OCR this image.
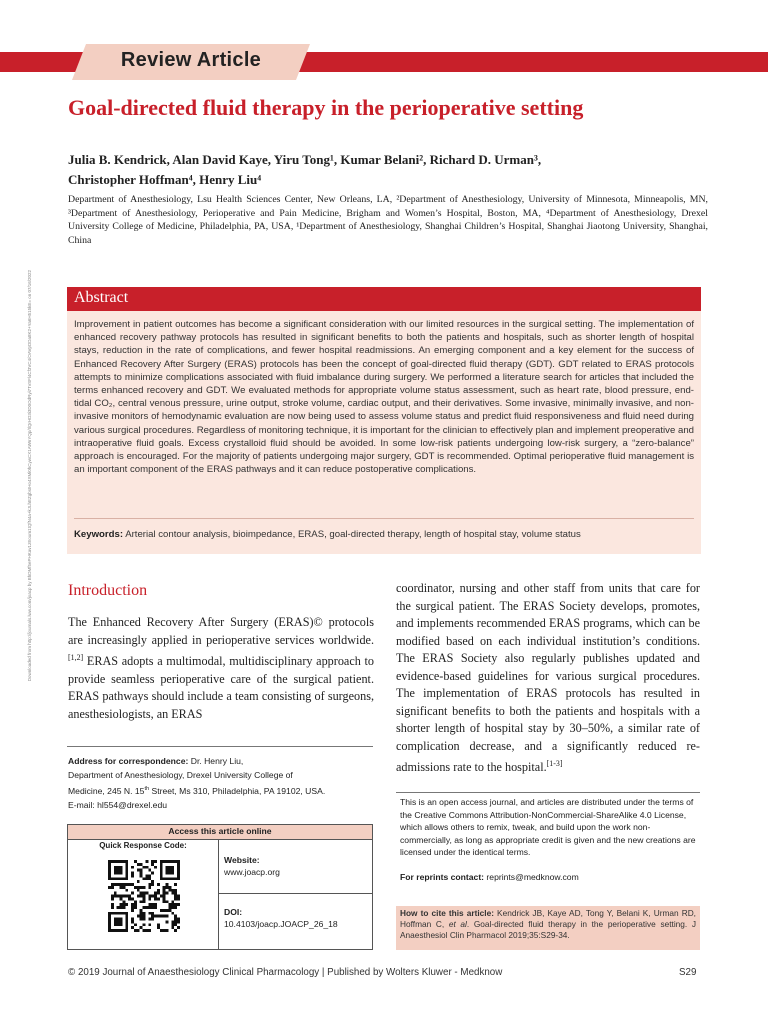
Review Article
Goal-directed fluid therapy in the perioperative setting
Julia B. Kendrick, Alan David Kaye, Yiru Tong¹, Kumar Belani², Richard D. Urman³,
Christopher Hoffman⁴, Henry Liu⁴
Department of Anesthesiology, Lsu Health Sciences Center, New Orleans, LA, ²Department of Anesthesiology, University of Minnesota, Minneapolis, MN, ³Department of Anesthesiology, Perioperative and Pain Medicine, Brigham and Women’s Hospital, Boston, MA, ⁴Department of Anesthesiology, Drexel University College of Medicine, Philadelphia, PA, USA, ¹Department of Anesthesiology, Shanghai Children’s Hospital, Shanghai Jiaotong University, Shanghai, China
Downloaded from http://journals.lww.com/joacp by BhDMf5ePHKav1zEoum1tQfN4a+kJLhEZgbsIHo4XMi0hCywCX1AWnYQp/IlQrHD3i3D0OdRyi7TvSFl4Cf3VC4/OAVpDDa8K2+Ya6H515kE= on 07/16/2022	Abstract
Improvement in patient outcomes has become a significant consideration with our limited resources in the surgical setting. The implementation of enhanced recovery pathway protocols has resulted in significant benefits to both the patients and hospitals, such as shorter length of hospital stays, reduction in the rate of complications, and fewer hospital readmissions. An emerging component and a key element for the success of Enhanced Recovery After Surgery (ERAS) protocols has been the concept of goal-directed fluid therapy (GDT). GDT related to ERAS protocols attempts to minimize complications associated with fluid imbalance during surgery. We performed a literature search for articles that included the terms enhanced recovery and GDT. We evaluated methods for appropriate volume status assessment, such as heart rate, blood pressure, end-tidal CO₂, central venous pressure, urine output, stroke volume, cardiac output, and their derivatives. Some invasive, minimally invasive, and non-invasive monitors of hemodynamic evaluation are now being used to assess volume status and predict fluid responsiveness and fluid need during various surgical procedures. Regardless of monitoring technique, it is important for the clinician to effectively plan and implement preoperative and intraoperative fluid goals. Excess crystalloid fluid should be avoided. In some low-risk patients undergoing low-risk surgery, a “zero-balance” approach is encouraged. For the majority of patients undergoing major surgery, GDT is recommended. Optimal perioperative fluid management is an important component of the ERAS pathways and it can reduce postoperative complications.
Keywords: Arterial contour analysis, bioimpedance, ERAS, goal-directed therapy, length of hospital stay, volume status
Introduction
The Enhanced Recovery After Surgery (ERAS)© protocols are increasingly applied in perioperative services worldwide.[1,2] ERAS adopts a multimodal, multidisciplinary approach to provide seamless perioperative care of the surgical patient. ERAS pathways should include a team consisting of surgeons, anesthesiologists, an ERAS
coordinator, nursing and other staff from units that care for the surgical patient. The ERAS Society develops, promotes, and implements recommended ERAS programs, which can be modified based on each individual institution’s conditions. The ERAS Society also regularly publishes updated and evidence-based guidelines for various surgical procedures. The implementation of ERAS protocols has resulted in significant benefits to both the patients and hospitals with a shorter length of hospital stay by 30–50%, a similar rate of complication decrease, and a significantly reduced re-admissions rate to the hospital.[1-3]
Address for correspondence: Dr. Henry Liu,
Department of Anesthesiology, Drexel University College of
Medicine, 245 N. 15th Street, Ms 310, Philadelphia, PA 19102, USA.
E-mail: hl554@drexel.edu	This is an open access journal, and articles are distributed under the terms of the Creative Commons Attribution-NonCommercial-ShareAlike 4.0 License, which allows others to remix, tweak, and build upon the work non-commercially, as long as appropriate credit is given and the new creations are licensed under the identical terms.
For reprints contact: reprints@medknow.com
How to cite this article: Kendrick JB, Kaye AD, Tong Y, Belani K, Urman RD, Hoffman C, et al. Goal-directed fluid therapy in the perioperative setting. J Anaesthesiol Clin Pharmacol 2019;35:S29-34.
Access this article online
Quick Response Code:
Website:
www.joacp.org
DOI:
10.4103/joacp.JOACP_26_18
© 2019 Journal of Anaesthesiology Clinical Pharmacology | Published by Wolters Kluwer - Medknow	S29
